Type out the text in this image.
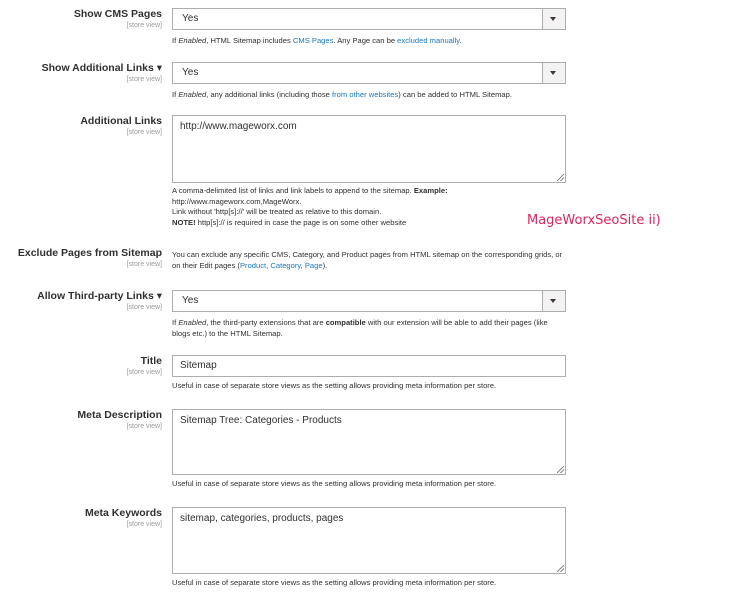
Show CMS Pages
[store view]
Yes
If Enabled, HTML Sitemap includes CMS Pages. Any Page can be excluded manually.
Show Additional Links ▾
[store view]
Yes
If Enabled, any additional links (including those from other websites) can be added to HTML Sitemap.
Additional Links
[store view]
http://www.mageworx.com
A comma-delimited list of links and link labels to append to the sitemap. Example:
http://www.mageworx.com,MageWorx.
Link without 'http[s]://' will be treated as relative to this domain.
NOTE! http[s]:// is required in case the page is on some other website	MageWorxSeoSite ii)
Exclude Pages from Sitemap
[store view]
You can exclude any specific CMS, Category, and Product pages from HTML sitemap on the corresponding grids, or on their Edit pages (Product, Category, Page).
Allow Third-party Links ▾
[store view]
Yes
If Enabled, the third-party extensions that are compatible with our extension will be able to add their pages (like blogs etc.) to the HTML Sitemap.
Title
[store view]
Sitemap
Useful in case of separate store views as the setting allows providing meta information per store.
Meta Description
[store view]
Sitemap Tree: Categories - Products
Useful in case of separate store views as the setting allows providing meta information per store.
Meta Keywords
[store view]
sitemap, categories, products, pages
Useful in case of separate store views as the setting allows providing meta information per store.
